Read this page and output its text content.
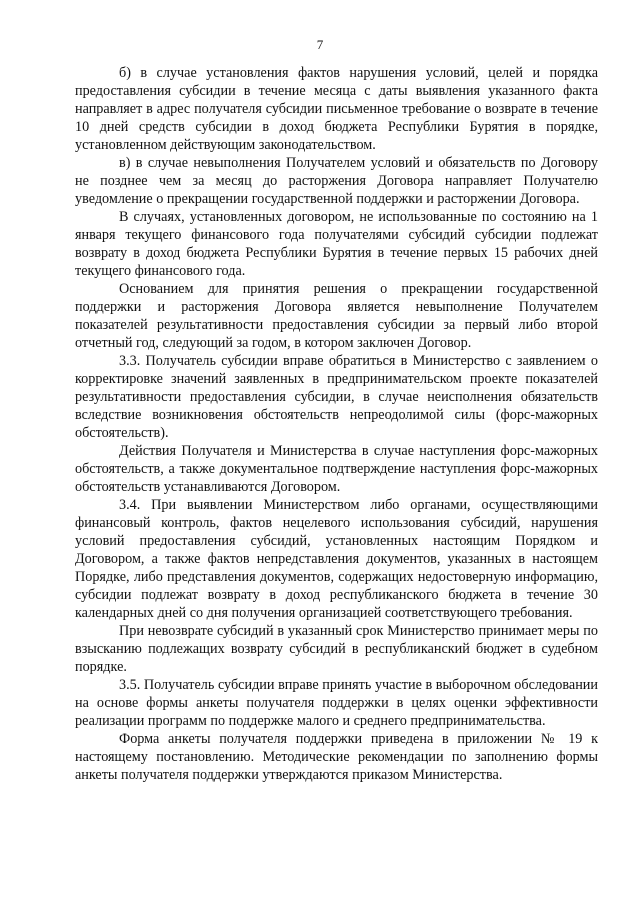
7

б) в случае установления фактов нарушения условий, целей и порядка предоставления субсидии в течение месяца с даты выявления указанного факта направляет в адрес получателя субсидии письменное требование о возврате в течение 10 дней средств субсидии в доход бюджета Республики Бурятия в порядке, установленном действующим законодательством.

в) в случае невыполнения Получателем условий и обязательств по Договору не позднее чем за месяц до расторжения Договора направляет Получателю уведомление о прекращении государственной поддержки и расторжении Договора.

В случаях, установленных договором, не использованные по состоянию на 1 января текущего финансового года получателями субсидий субсидии подлежат возврату в доход бюджета Республики Бурятия в течение первых 15 рабочих дней текущего финансового года.

Основанием для принятия решения о прекращении государственной поддержки и расторжения Договора является невыполнение Получателем показателей результативности предоставления субсидии за первый либо второй отчетный год, следующий за годом, в котором заключен Договор.

3.3. Получатель субсидии вправе обратиться в Министерство с заявлением о корректировке значений заявленных в предпринимательском проекте показателей результативности предоставления субсидии, в случае неисполнения обязательств вследствие возникновения обстоятельств непреодолимой силы (форс-мажорных обстоятельств).

Действия Получателя и Министерства в случае наступления форс-мажорных обстоятельств, а также документальное подтверждение наступления форс-мажорных обстоятельств устанавливаются Договором.

3.4. При выявлении Министерством либо органами, осуществляющими финансовый контроль, фактов нецелевого использования субсидий, нарушения условий предоставления субсидий, установленных настоящим Порядком и Договором, а также фактов непредставления документов, указанных в настоящем Порядке, либо представления документов, содержащих недостоверную информацию, субсидии подлежат возврату в доход республиканского бюджета в течение 30 календарных дней со дня получения организацией соответствующего требования.

При невозврате субсидий в указанный срок Министерство принимает меры по взысканию подлежащих возврату субсидий в республиканский бюджет в судебном порядке.

3.5. Получатель субсидии вправе принять участие в выборочном обследовании на основе формы анкеты получателя поддержки в целях оценки эффективности реализации программ по поддержке малого и среднего предпринимательства.

Форма анкеты получателя поддержки приведена в приложении № 19 к настоящему постановлению. Методические рекомендации по заполнению формы анкеты получателя поддержки утверждаются приказом Министерства.
